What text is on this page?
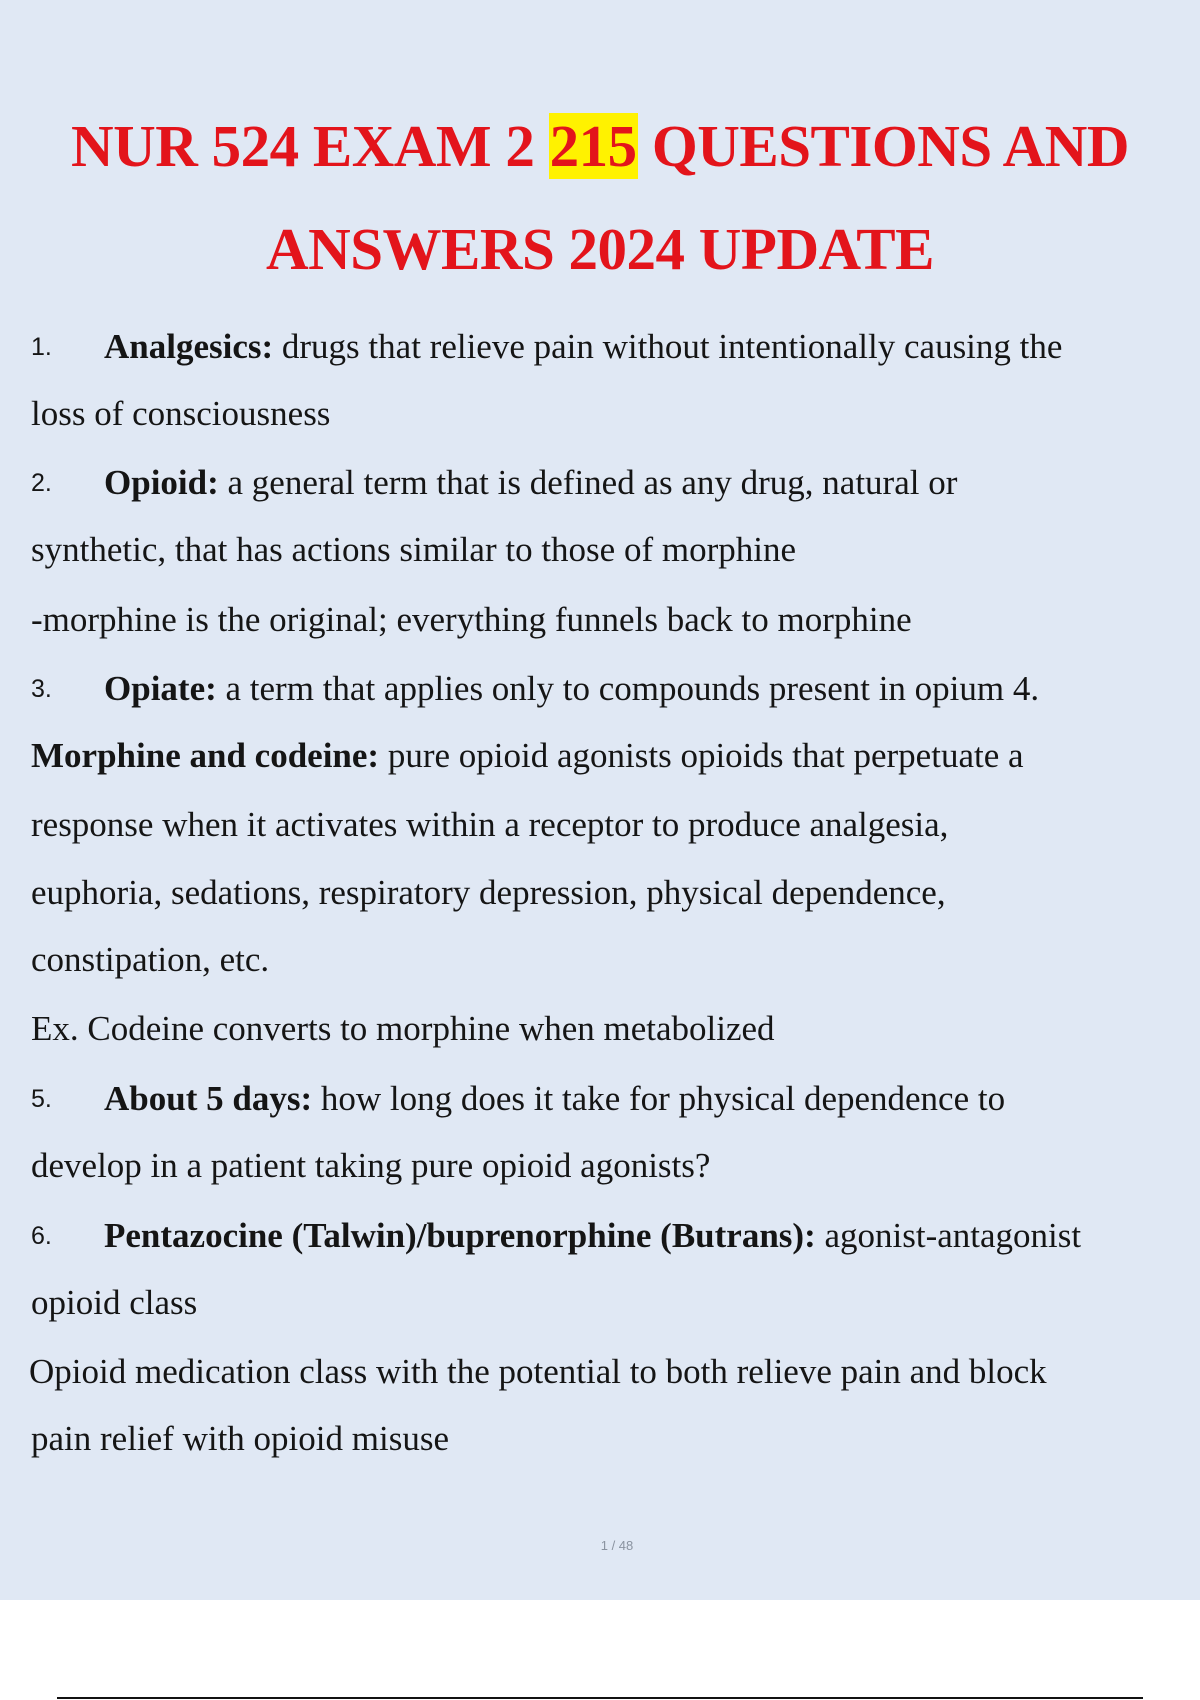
NUR 524 EXAM 2 215 QUESTIONS AND
ANSWERS 2024 UPDATE
1. Analgesics: drugs that relieve pain without intentionally causing the
loss of consciousness
2. Opioid: a general term that is defined as any drug, natural or
synthetic, that has actions similar to those of morphine
-morphine is the original; everything funnels back to morphine
3. Opiate: a term that applies only to compounds present in opium 4.
Morphine and codeine: pure opioid agonists opioids that perpetuate a
response when it activates within a receptor to produce analgesia,
euphoria, sedations, respiratory depression, physical dependence,
constipation, etc.
Ex. Codeine converts to morphine when metabolized
5. About 5 days: how long does it take for physical dependence to
develop in a patient taking pure opioid agonists?
6. Pentazocine (Talwin)/buprenorphine (Butrans): agonist-antagonist
opioid class
Opioid medication class with the potential to both relieve pain and block
pain relief with opioid misuse
1 / 48
